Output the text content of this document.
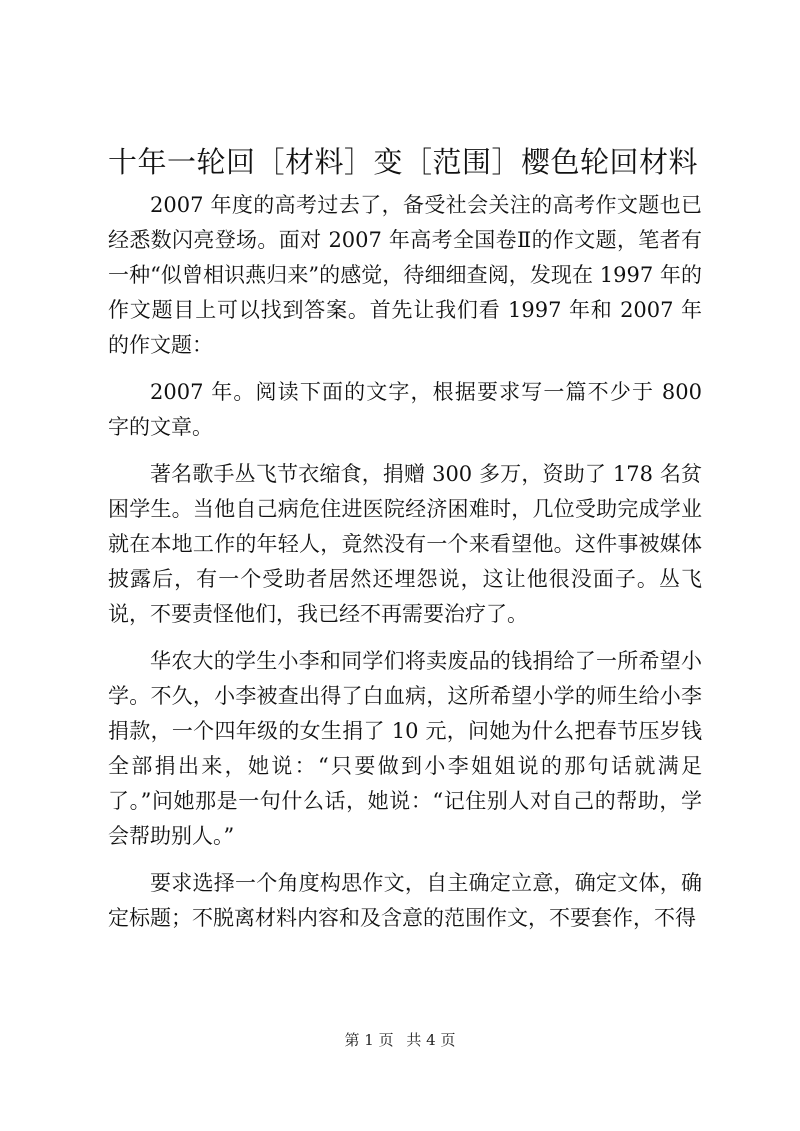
十年一轮回［材料］变［范围］樱色轮回材料

2007 年度的高考过去了，备受社会关注的高考作文题也已经悉数闪亮登场。面对 2007 年高考全国卷Ⅱ的作文题，笔者有一种“似曾相识燕归来”的感觉，待细细查阅，发现在 1997 年的作文题目上可以找到答案。首先让我们看 1997 年和 2007 年的作文题：

2007 年。阅读下面的文字，根据要求写一篇不少于 800 字的文章。

著名歌手丛飞节衣缩食，捐赠 300 多万，资助了 178 名贫困学生。当他自己病危住进医院经济困难时，几位受助完成学业就在本地工作的年轻人，竟然没有一个来看望他。这件事被媒体披露后，有一个受助者居然还埋怨说，这让他很没面子。丛飞说，不要责怪他们，我已经不再需要治疗了。

华农大的学生小李和同学们将卖废品的钱捐给了一所希望小学。不久，小李被查出得了白血病，这所希望小学的师生给小李捐款，一个四年级的女生捐了 10 元，问她为什么把春节压岁钱全部捐出来，她说：“只要做到小李姐姐说的那句话就满足了。”问她那是一句什么话，她说：“记住别人对自己的帮助，学会帮助别人。”

要求选择一个角度构思作文，自主确定立意，确定文体，确定标题；不脱离材料内容和及含意的范围作文，不要套作，不得

第 1 页 共 4 页
